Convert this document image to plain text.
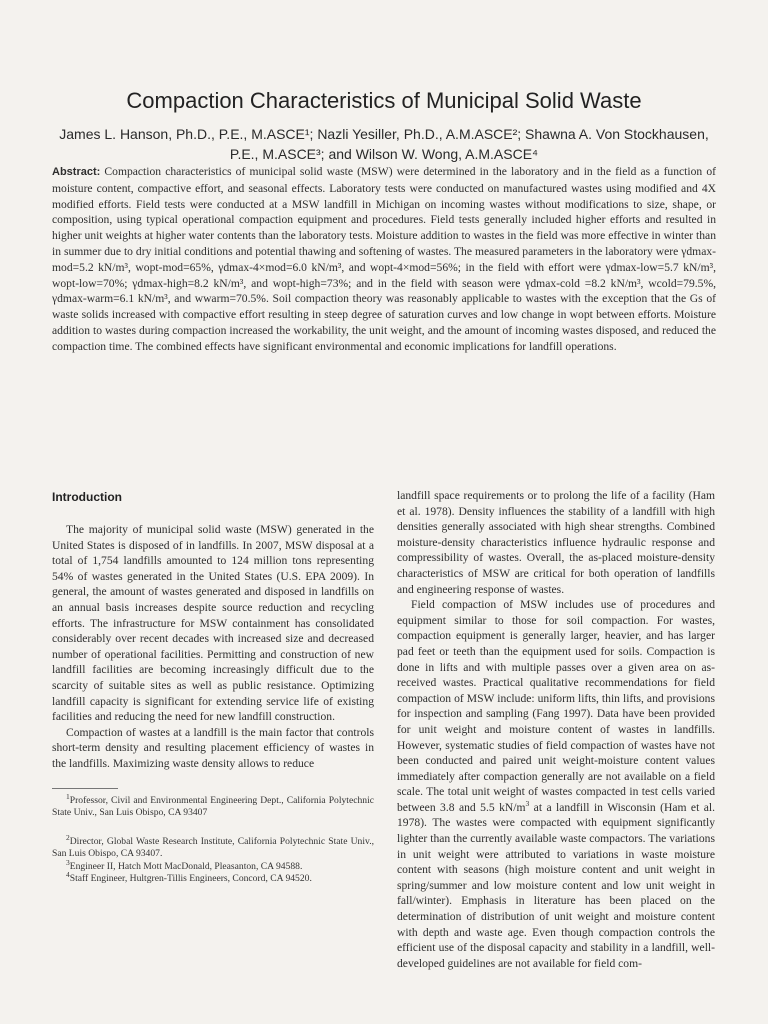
Compaction Characteristics of Municipal Solid Waste
James L. Hanson, Ph.D., P.E., M.ASCE¹; Nazli Yesiller, Ph.D., A.M.ASCE²; Shawna A. Von Stockhausen,
P.E., M.ASCE³; and Wilson W. Wong, A.M.ASCE⁴
Abstract: Compaction characteristics of municipal solid waste (MSW) were determined in the laboratory and in the field as a function of moisture content, compactive effort, and seasonal effects. Laboratory tests were conducted on manufactured wastes using modified and 4X modified efforts. Field tests were conducted at a MSW landfill in Michigan on incoming wastes without modifications to size, shape, or composition, using typical operational compaction equipment and procedures. Field tests generally included higher efforts and resulted in higher unit weights at higher water contents than the laboratory tests. Moisture addition to wastes in the field was more effective in winter than in summer due to dry initial conditions and potential thawing and softening of wastes. The measured parameters in the laboratory were γdmax-mod=5.2 kN/m³, wopt-mod=65%, γdmax-4×mod=6.0 kN/m³, and wopt-4×mod=56%; in the field with effort were γdmax-low=5.7 kN/m³, wopt-low=70%; γdmax-high=8.2 kN/m³, and wopt-high=73%; and in the field with season were γdmax-cold =8.2 kN/m³, wcold=79.5%, γdmax-warm=6.1 kN/m³, and wwarm=70.5%. Soil compaction theory was reasonably applicable to wastes with the exception that the Gs of waste solids increased with compactive effort resulting in steep degree of saturation curves and low change in wopt between efforts. Moisture addition to wastes during compaction increased the workability, the unit weight, and the amount of incoming wastes disposed, and reduced the compaction time. The combined effects have significant environmental and economic implications for landfill operations.
Introduction

The majority of municipal solid waste (MSW) generated in the United States is disposed of in landfills. In 2007, MSW disposal at a total of 1,754 landfills amounted to 124 million tons representing 54% of wastes generated in the United States (U.S. EPA 2009). In general, the amount of wastes generated and disposed in landfills on an annual basis increases despite source reduction and recycling efforts. The infrastructure for MSW containment has consolidated considerably over recent decades with increased size and decreased number of operational facilities. Permitting and construction of new landfill facilities are becoming increasingly difficult due to the scarcity of suitable sites as well as public resistance. Optimizing landfill capacity is significant for extending service life of existing facilities and reducing the need for new landfill construction.

Compaction of wastes at a landfill is the main factor that controls short-term density and resulting placement efficiency of wastes in the landfills. Maximizing waste density allows to reduce

$^1$Professor, Civil and Environmental Engineering Dept., California Polytechnic State Univ., San Luis Obispo, CA 93407

$^2$Director, Global Waste Research Institute, California Polytechnic State Univ., San Luis Obispo, CA 93407.

$^3$Engineer II, Hatch Mott MacDonald, Pleasanton, CA 94588.

$^4$Staff Engineer, Hultgren-Tillis Engineers, Concord, CA 94520.

landfill space requirements or to prolong the life of a facility (Ham et al. 1978). Density influences the stability of a landfill with high densities generally associated with high shear strengths. Combined moisture-density characteristics influence hydraulic response and compressibility of wastes. Overall, the as-placed moisture-density characteristics of MSW are critical for both operation of landfills and engineering response of wastes.

Field compaction of MSW includes use of procedures and equipment similar to those for soil compaction. For wastes, compaction equipment is generally larger, heavier, and has larger pad feet or teeth than the equipment used for soils. Compaction is done in lifts and with multiple passes over a given area on as-received wastes. Practical qualitative recommendations for field compaction of MSW include: uniform lifts, thin lifts, and provisions for inspection and sampling (Fang 1997). Data have been provided for unit weight and moisture content of wastes in landfills. However, systematic studies of field compaction of wastes have not been conducted and paired unit weight-moisture content values immediately after compaction generally are not available on a field scale. The total unit weight of wastes compacted in test cells varied between 3.8 and 5.5 $kN/m^3$ at a landfill in Wisconsin (Ham et al. 1978). The wastes were compacted with equipment significantly lighter than the currently available waste compactors. The variations in unit weight were attributed to variations in waste moisture content with seasons (high moisture content and unit weight in spring/summer and low moisture content and low unit weight in fall/winter). Emphasis in literature has been placed on the determination of distribution of unit weight and moisture content with depth and waste age. Even though compaction controls the efficient use of the disposal capacity and stability in a landfill, well-developed guidelines are not available for field com-
